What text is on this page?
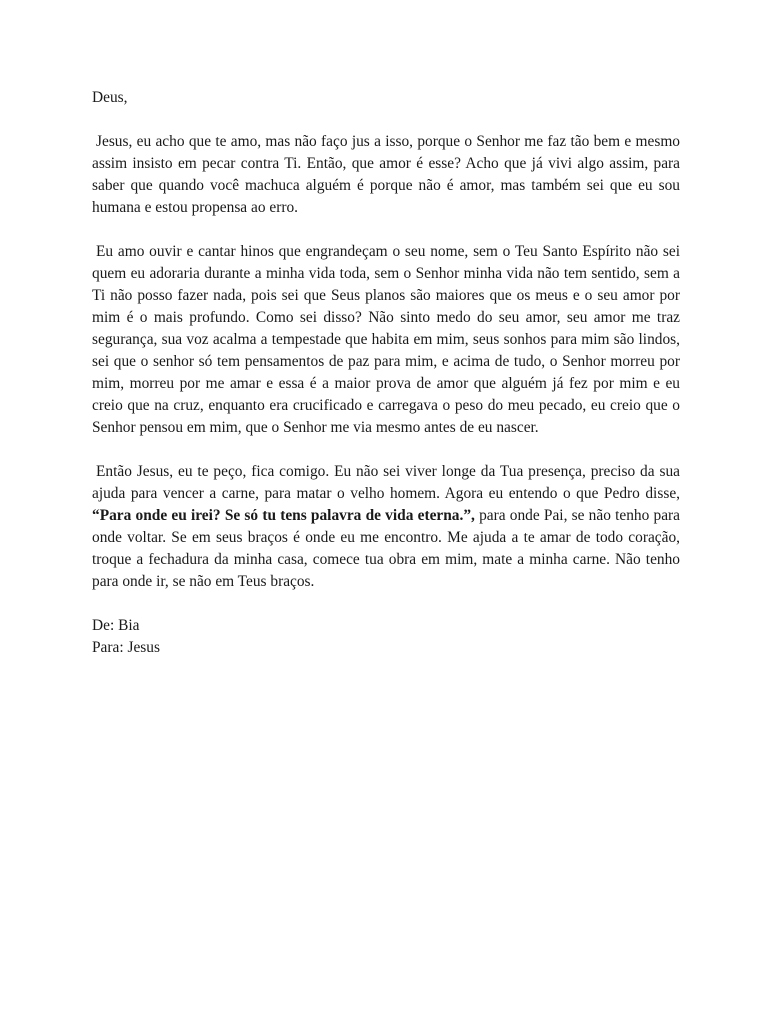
Deus,

Jesus, eu acho que te amo, mas não faço jus a isso, porque o Senhor me faz tão bem e mesmo assim insisto em pecar contra Ti. Então, que amor é esse? Acho que já vivi algo assim, para saber que quando você machuca alguém é porque não é amor, mas também sei que eu sou humana e estou propensa ao erro.

Eu amo ouvir e cantar hinos que engrandeçam o seu nome, sem o Teu Santo Espírito não sei quem eu adoraria durante a minha vida toda, sem o Senhor minha vida não tem sentido, sem a Ti não posso fazer nada, pois sei que Seus planos são maiores que os meus e o seu amor por mim é o mais profundo. Como sei disso? Não sinto medo do seu amor, seu amor me traz segurança, sua voz acalma a tempestade que habita em mim, seus sonhos para mim são lindos, sei que o senhor só tem pensamentos de paz para mim, e acima de tudo, o Senhor morreu por mim, morreu por me amar e essa é a maior prova de amor que alguém já fez por mim e eu creio que na cruz, enquanto era crucificado e carregava o peso do meu pecado, eu creio que o Senhor pensou em mim, que o Senhor me via mesmo antes de eu nascer.

Então Jesus, eu te peço, fica comigo. Eu não sei viver longe da Tua presença, preciso da sua ajuda para vencer a carne, para matar o velho homem. Agora eu entendo o que Pedro disse, “Para onde eu irei? Se só tu tens palavra de vida eterna.”, para onde Pai, se não tenho para onde voltar. Se em seus braços é onde eu me encontro. Me ajuda a te amar de todo coração, troque a fechadura da minha casa, comece tua obra em mim, mate a minha carne. Não tenho para onde ir, se não em Teus braços.

De: Bia

Para: Jesus
